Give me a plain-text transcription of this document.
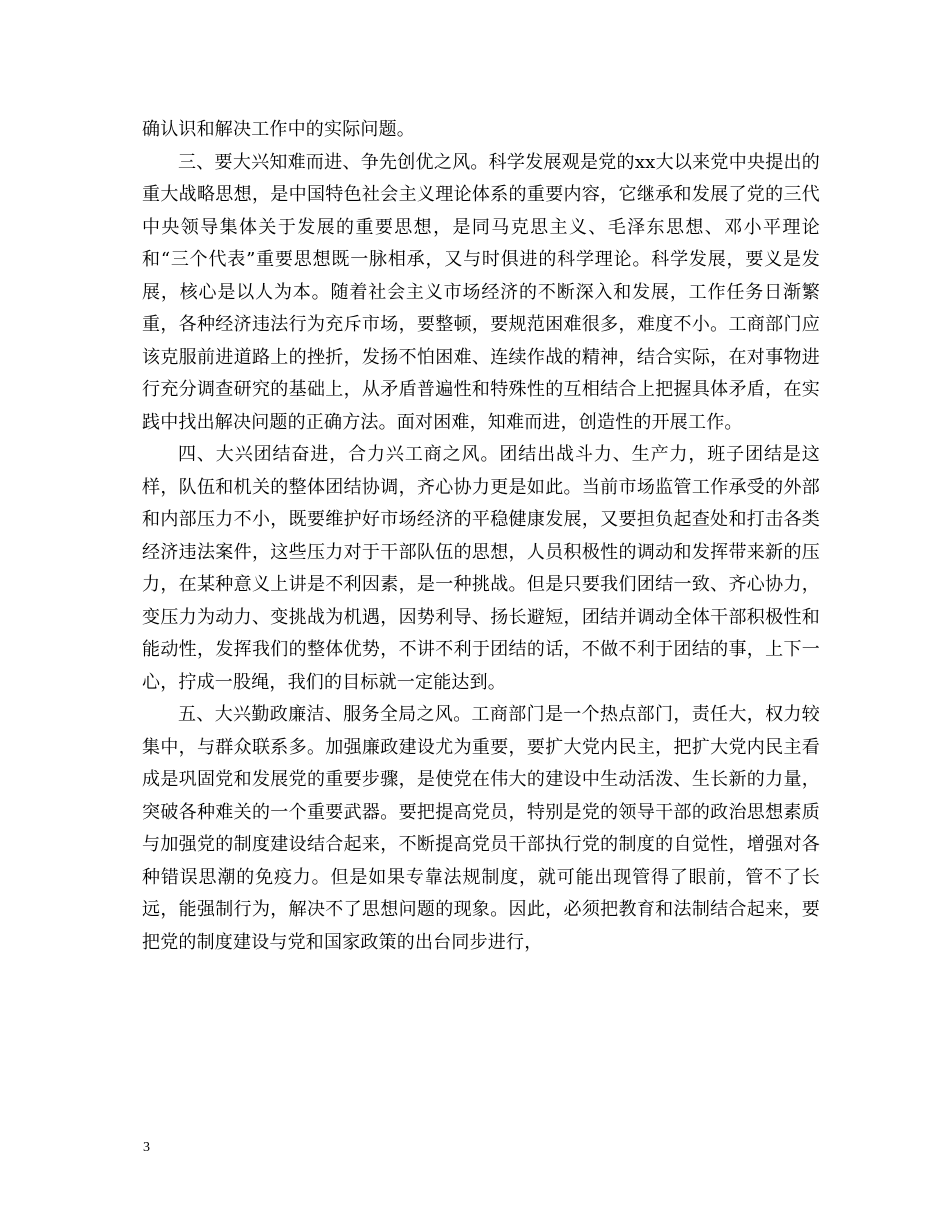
确认识和解决工作中的实际问题。

三、要大兴知难而进、争先创优之风。科学发展观是党的xx大以来党中央提出的重大战略思想，是中国特色社会主义理论体系的重要内容，它继承和发展了党的三代中央领导集体关于发展的重要思想，是同马克思主义、毛泽东思想、邓小平理论和“三个代表”重要思想既一脉相承，又与时俱进的科学理论。科学发展，要义是发展，核心是以人为本。随着社会主义市场经济的不断深入和发展，工作任务日渐繁重，各种经济违法行为充斥市场，要整顿，要规范困难很多，难度不小。工商部门应该克服前进道路上的挫折，发扬不怕困难、连续作战的精神，结合实际，在对事物进行充分调查研究的基础上，从矛盾普遍性和特殊性的互相结合上把握具体矛盾，在实践中找出解决问题的正确方法。面对困难，知难而进，创造性的开展工作。

四、大兴团结奋进，合力兴工商之风。团结出战斗力、生产力，班子团结是这样，队伍和机关的整体团结协调，齐心协力更是如此。当前市场监管工作承受的外部和内部压力不小，既要维护好市场经济的平稳健康发展，又要担负起查处和打击各类经济违法案件，这些压力对于干部队伍的思想，人员积极性的调动和发挥带来新的压力，在某种意义上讲是不利因素，是一种挑战。但是只要我们团结一致、齐心协力，变压力为动力、变挑战为机遇，因势利导、扬长避短，团结并调动全体干部积极性和能动性，发挥我们的整体优势，不讲不利于团结的话，不做不利于团结的事，上下一心，拧成一股绳，我们的目标就一定能达到。

五、大兴勤政廉洁、服务全局之风。工商部门是一个热点部门，责任大，权力较集中，与群众联系多。加强廉政建设尤为重要，要扩大党内民主，把扩大党内民主看成是巩固党和发展党的重要步骤，是使党在伟大的建设中生动活泼、生长新的力量，突破各种难关的一个重要武器。要把提高党员，特别是党的领导干部的政治思想素质与加强党的制度建设结合起来，不断提高党员干部执行党的制度的自觉性，增强对各种错误思潮的免疫力。但是如果专靠法规制度，就可能出现管得了眼前，管不了长远，能强制行为，解决不了思想问题的现象。因此，必须把教育和法制结合起来，要把党的制度建设与党和国家政策的出台同步进行，

3
